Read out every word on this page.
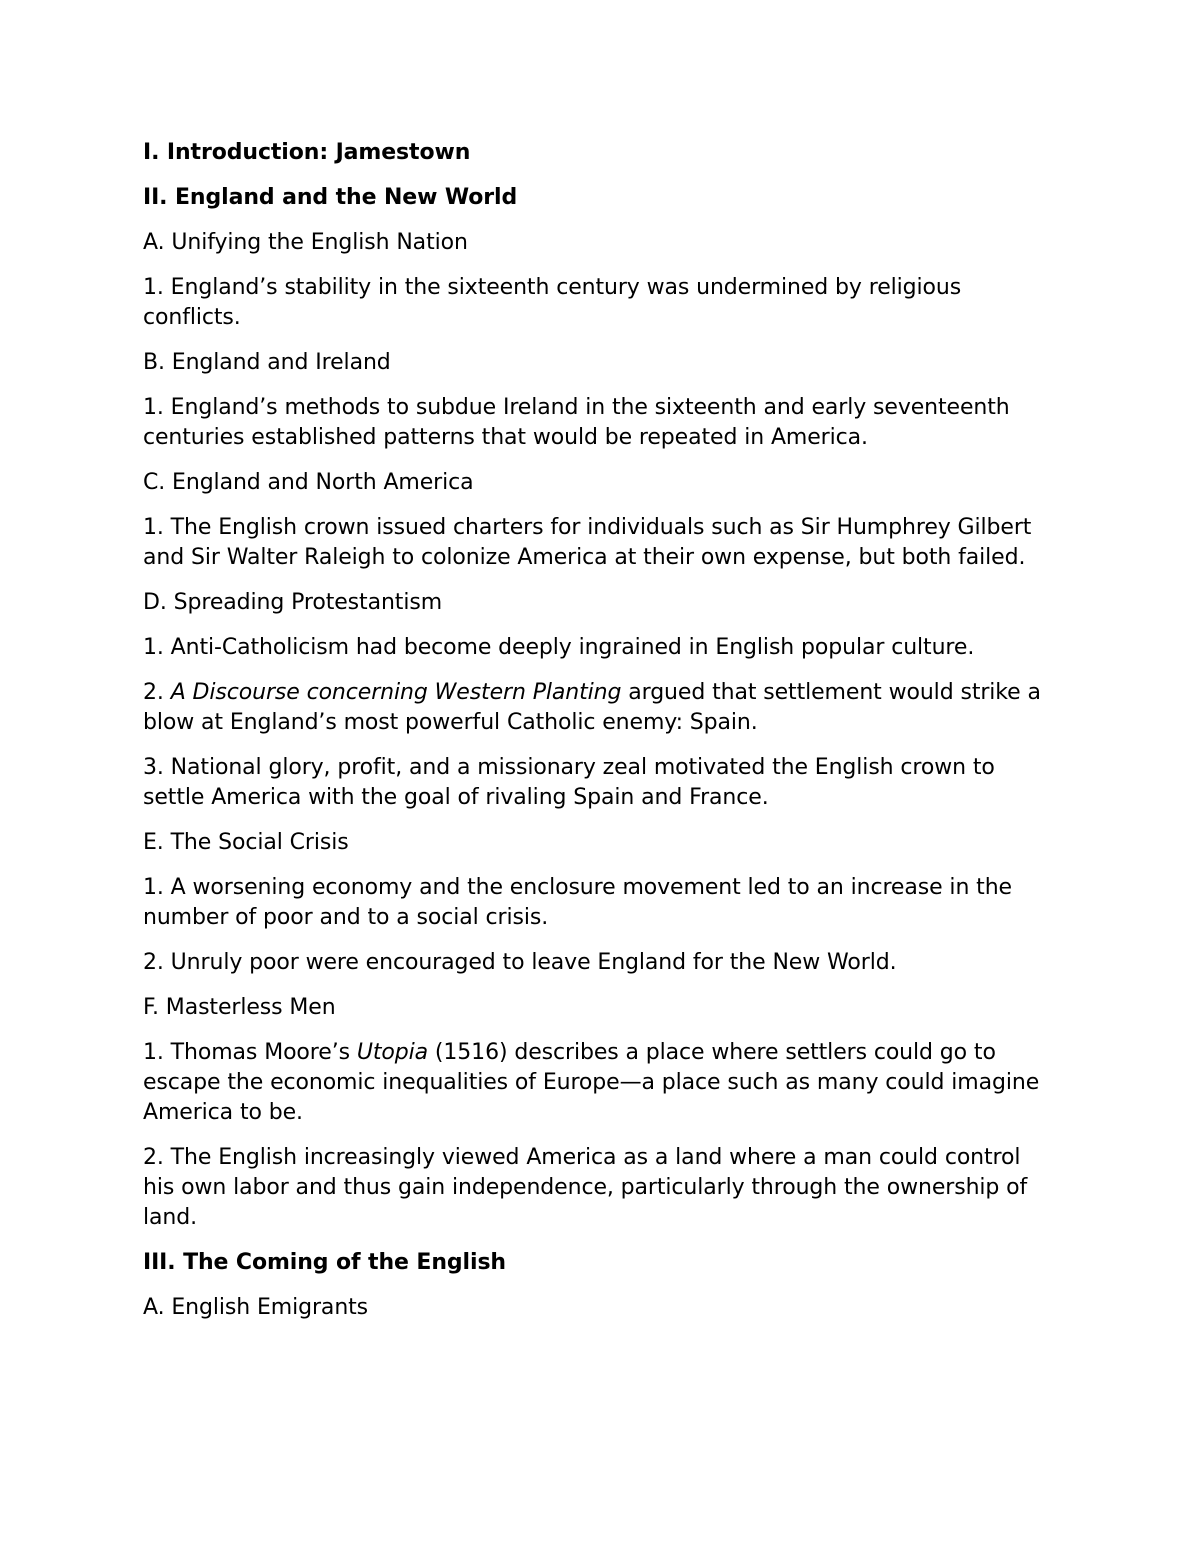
I. Introduction: Jamestown

II. England and the New World

A. Unifying the English Nation

1. England’s stability in the sixteenth century was undermined by religious conflicts.

B. England and Ireland

1. England’s methods to subdue Ireland in the sixteenth and early seventeenth centuries established patterns that would be repeated in America.

C. England and North America

1. The English crown issued charters for individuals such as Sir Humphrey Gilbert and Sir Walter Raleigh to colonize America at their own expense, but both failed.

D. Spreading Protestantism

1. Anti-Catholicism had become deeply ingrained in English popular culture.

2. A Discourse concerning Western Planting argued that settlement would strike a blow at England’s most powerful Catholic enemy: Spain.

3. National glory, profit, and a missionary zeal motivated the English crown to settle America with the goal of rivaling Spain and France.

E. The Social Crisis

1. A worsening economy and the enclosure movement led to an increase in the number of poor and to a social crisis.

2. Unruly poor were encouraged to leave England for the New World.

F. Masterless Men

1. Thomas Moore’s Utopia (1516) describes a place where settlers could go to escape the economic inequalities of Europe—a place such as many could imagine America to be.

2. The English increasingly viewed America as a land where a man could control his own labor and thus gain independence, particularly through the ownership of land.

III. The Coming of the English

A. English Emigrants
